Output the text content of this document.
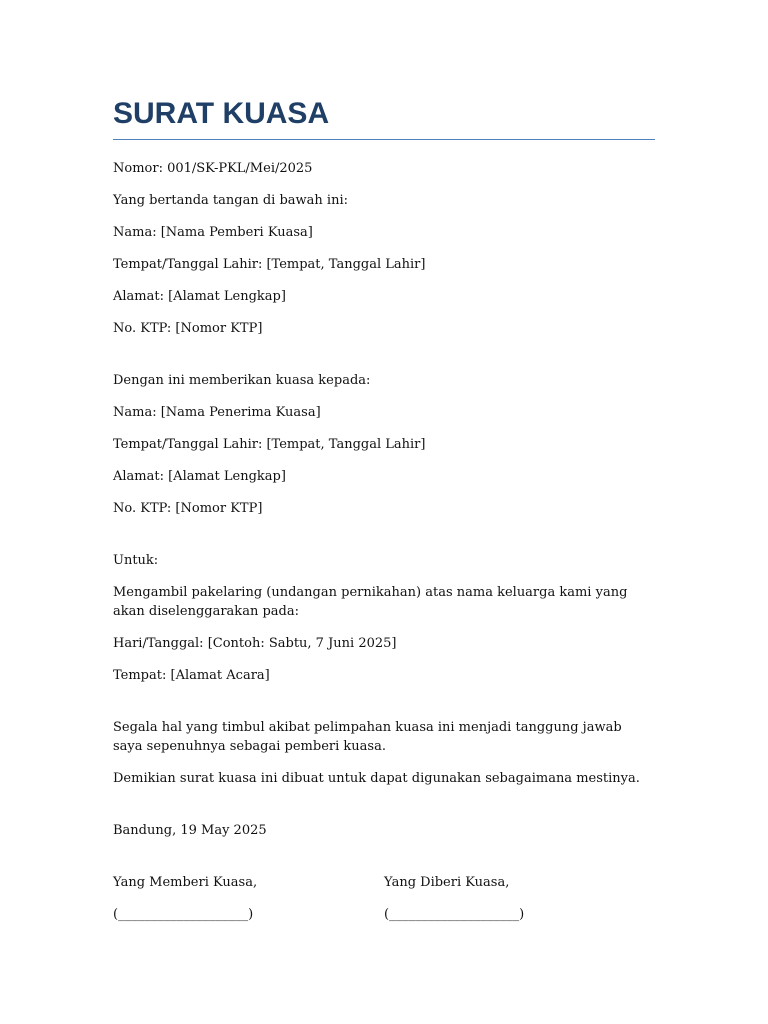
SURAT KUASA

Nomor: 001/SK-PKL/Mei/2025

Yang bertanda tangan di bawah ini:

Nama: [Nama Pemberi Kuasa]

Tempat/Tanggal Lahir: [Tempat, Tanggal Lahir]

Alamat: [Alamat Lengkap]

No. KTP: [Nomor KTP]

Dengan ini memberikan kuasa kepada:

Nama: [Nama Penerima Kuasa]

Tempat/Tanggal Lahir: [Tempat, Tanggal Lahir]

Alamat: [Alamat Lengkap]

No. KTP: [Nomor KTP]

Untuk:

Mengambil pakelaring (undangan pernikahan) atas nama keluarga kami yang akan diselenggarakan pada:

Hari/Tanggal: [Contoh: Sabtu, 7 Juni 2025]

Tempat: [Alamat Acara]

Segala hal yang timbul akibat pelimpahan kuasa ini menjadi tanggung jawab saya sepenuhnya sebagai pemberi kuasa.

Demikian surat kuasa ini dibuat untuk dapat digunakan sebagaimana mestinya.

Bandung, 19 May 2025

Yang Memberi Kuasa,	Yang Diberi Kuasa,
(____________________)	(____________________)
